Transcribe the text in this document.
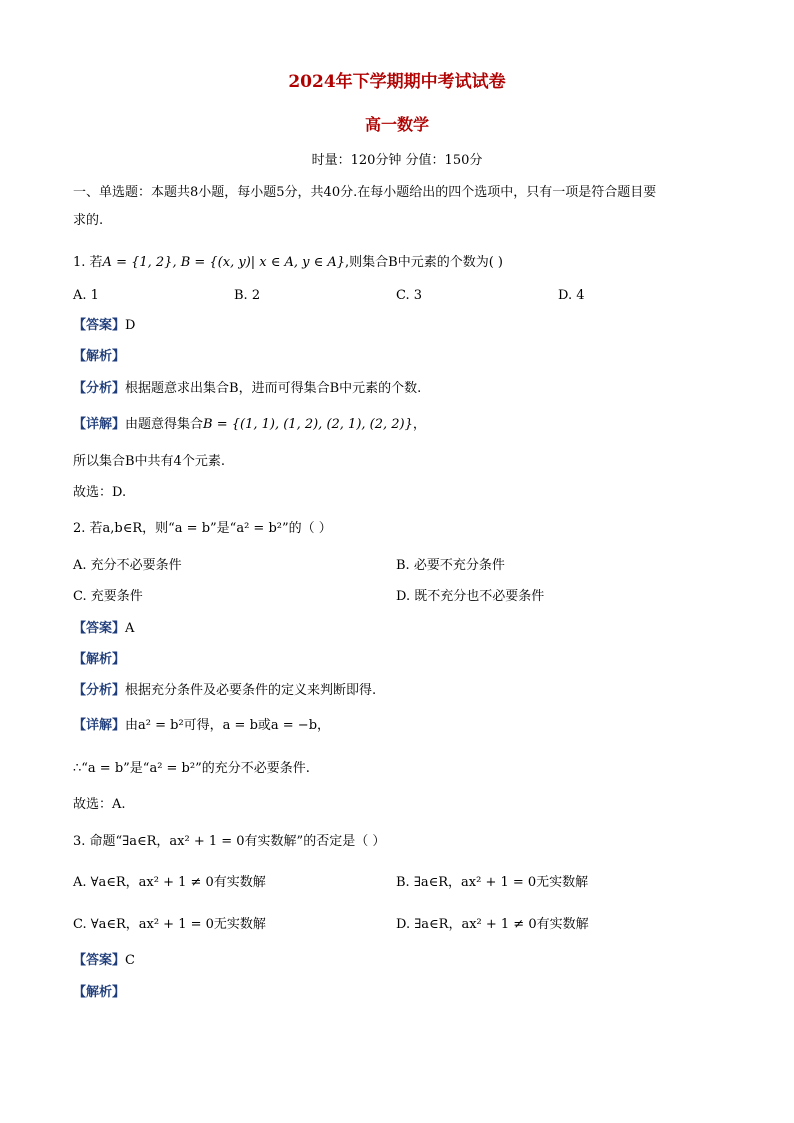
2024年下学期期中考试试卷
高一数学
时量：120分钟 分值：150分
一、单选题：本题共8小题，每小题5分，共40分.在每小题给出的四个选项中，只有一项是符合题目要
求的.
1. 若A = {1, 2}, B = {(x, y)| x ∈ A, y ∈ A},则集合B中元素的个数为( )
A. 1	B. 2	C. 3	D. 4
【答案】D
【解析】
【分析】根据题意求出集合B，进而可得集合B中元素的个数.
【详解】由题意得集合B = {(1, 1), (1, 2), (2, 1), (2, 2)}，
所以集合B中共有4个元素.
故选：D.
2. 若a,b∈R，则“a = b”是“a² = b²”的（ ）
A. 充分不必要条件	B. 必要不充分条件
C. 充要条件	D. 既不充分也不必要条件
【答案】A
【解析】
【分析】根据充分条件及必要条件的定义来判断即得.
【详解】由a² = b²可得，a = b或a = −b，
∴“a = b”是“a² = b²”的充分不必要条件.
故选：A.
3. 命题“∃a∈R，ax² + 1 = 0有实数解”的否定是（ ）
A. ∀a∈R，ax² + 1 ≠ 0有实数解	B. ∃a∈R，ax² + 1 = 0无实数解
C. ∀a∈R，ax² + 1 = 0无实数解	D. ∃a∈R，ax² + 1 ≠ 0有实数解
【答案】C
【解析】
